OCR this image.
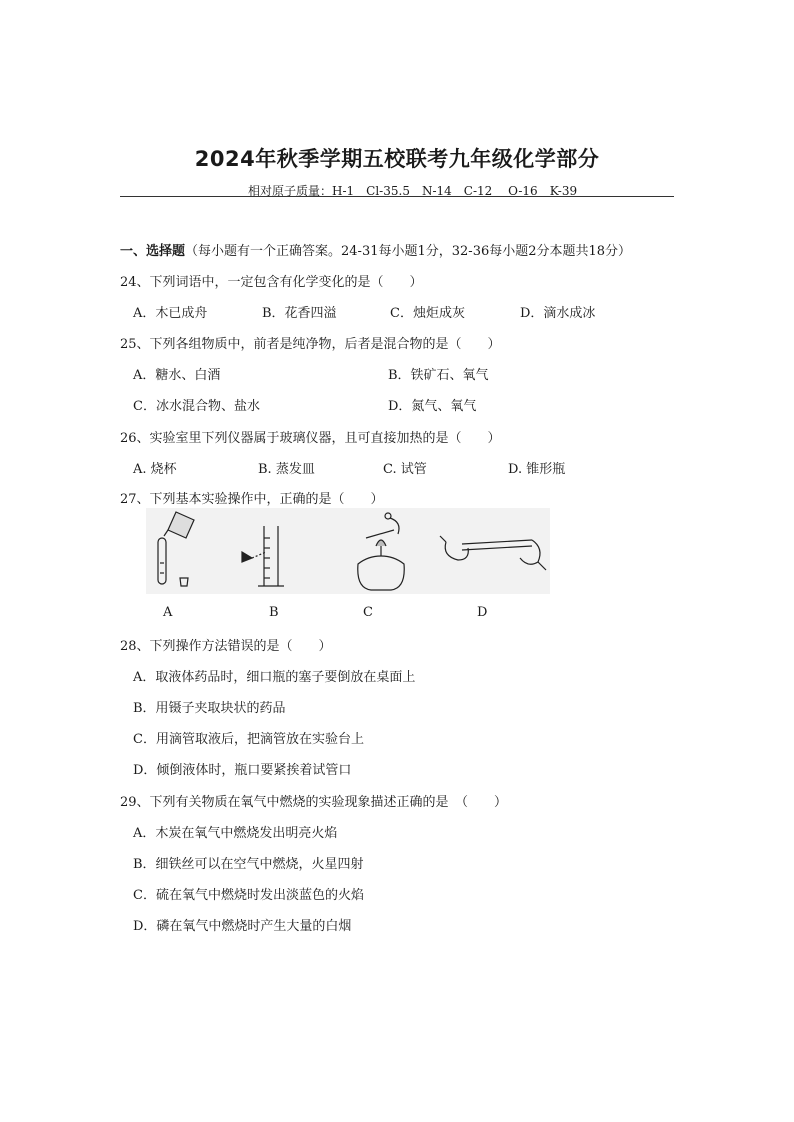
2024年秋季学期五校联考九年级化学部分
相对原子质量：H-1　Cl-35.5　N-14　C-12　 O-16　K-39
一、选择题（每小题有一个正确答案。24-31每小题1分，32-36每小题2分本题共18分）
24、下列词语中，一定包含有化学变化的是（　　）
A．木已成舟	B．花香四溢	C．烛炬成灰	D．滴水成冰
25、下列各组物质中，前者是纯净物，后者是混合物的是（　　）
A．糖水、白酒	B．铁矿石、氧气
C．冰水混合物、盐水	D．氮气、氧气
26、实验室里下列仪器属于玻璃仪器，且可直接加热的是（　　）
A. 烧杯	B. 蒸发皿	C. 试管	D. 锥形瓶
27、下列基本实验操作中，正确的是（　　）
A	B	C	D
28、下列操作方法错误的是（　　）
A．取液体药品时，细口瓶的塞子要倒放在桌面上
B．用镊子夹取块状的药品
C．用滴管取液后，把滴管放在实验台上
D．倾倒液体时，瓶口要紧挨着试管口
29、下列有关物质在氧气中燃烧的实验现象描述正确的是　（　　）
A．木炭在氧气中燃烧发出明亮火焰
B．细铁丝可以在空气中燃烧，火星四射
C．硫在氧气中燃烧时发出淡蓝色的火焰
D．磷在氧气中燃烧时产生大量的白烟
